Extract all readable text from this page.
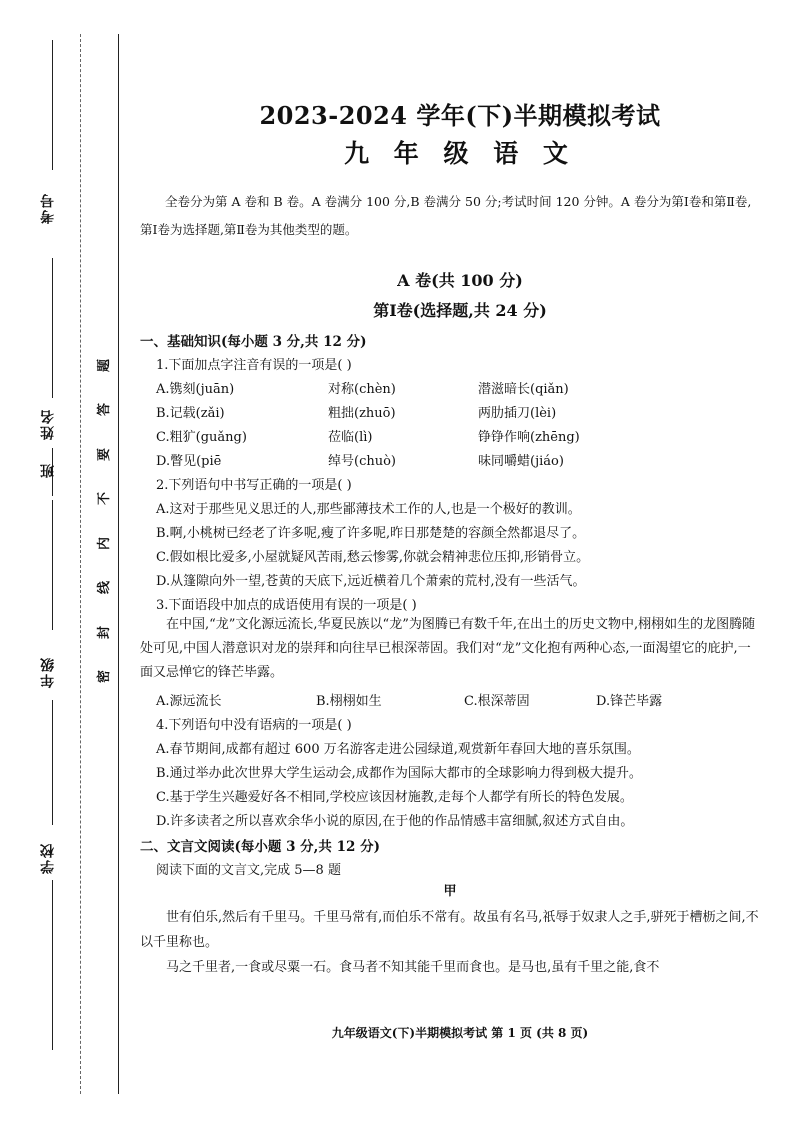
考号
姓名
班
年级
学校
题
答
要
不
内
线
封
密
2023-2024 学年(下)半期模拟考试
九 年 级 语 文
全卷分为第 A 卷和 B 卷。A 卷满分 100 分,B 卷满分 50 分;考试时间 120 分钟。A 卷分为第Ⅰ卷和第Ⅱ卷,第Ⅰ卷为选择题,第Ⅱ卷为其他类型的题。
A 卷(共 100 分)
第Ⅰ卷(选择题,共 24 分)
一、基础知识(每小题 3 分,共 12 分)
1.下面加点字注音有误的一项是( )
A.镌刻(juān)	对称(chèn)	潜滋暗长(qiǎn)
B.记载(zǎi)	粗拙(zhuō)	两肋插刀(lèi)
C.粗犷(guǎng)	莅临(lì)	铮铮作响(zhēng)
D.瞥见(piē	绰号(chuò)	味同嚼蜡(jiáo)
2.下列语句中书写正确的一项是( )
A.这对于那些见义思迁的人,那些鄙薄技术工作的人,也是一个极好的教训。
B.啊,小桃树已经老了许多呢,瘦了许多呢,昨日那楚楚的容颜全然都退尽了。
C.假如根比爱多,小屋就疑风苦雨,愁云惨雾,你就会精神悲位压抑,形销骨立。
D.从篷隙向外一望,苍黄的天底下,远近横着几个萧索的荒村,没有一些活气。
3.下面语段中加点的成语使用有误的一项是( )
在中国,“龙”文化源远流长,华夏民族以“龙”为图腾已有数千年,在出土的历史文物中,栩栩如生的龙图腾随处可见,中国人潜意识对龙的崇拜和向往早已根深蒂固。我们对“龙”文化抱有两种心态,一面渴望它的庇护,一面又忌惮它的锋芒毕露。
A.源远流长	B.栩栩如生	C.根深蒂固	D.锋芒毕露
4.下列语句中没有语病的一项是( )
A.春节期间,成都有超过 600 万名游客走进公园绿道,观赏新年春回大地的喜乐氛围。
B.通过举办此次世界大学生运动会,成都作为国际大都市的全球影响力得到极大提升。
C.基于学生兴趣爱好各不相同,学校应该因材施教,走每个人都学有所长的特色发展。
D.许多读者之所以喜欢余华小说的原因,在于他的作品情感丰富细腻,叙述方式自由。
二、文言文阅读(每小题 3 分,共 12 分)
阅读下面的文言文,完成 5—8 题
甲
世有伯乐,然后有千里马。千里马常有,而伯乐不常有。故虽有名马,祇辱于奴隶人之手,骈死于槽枥之间,不以千里称也。
马之千里者,一食或尽粟一石。食马者不知其能千里而食也。是马也,虽有千里之能,食不
九年级语文(下)半期模拟考试 第 1 页 (共 8 页)
